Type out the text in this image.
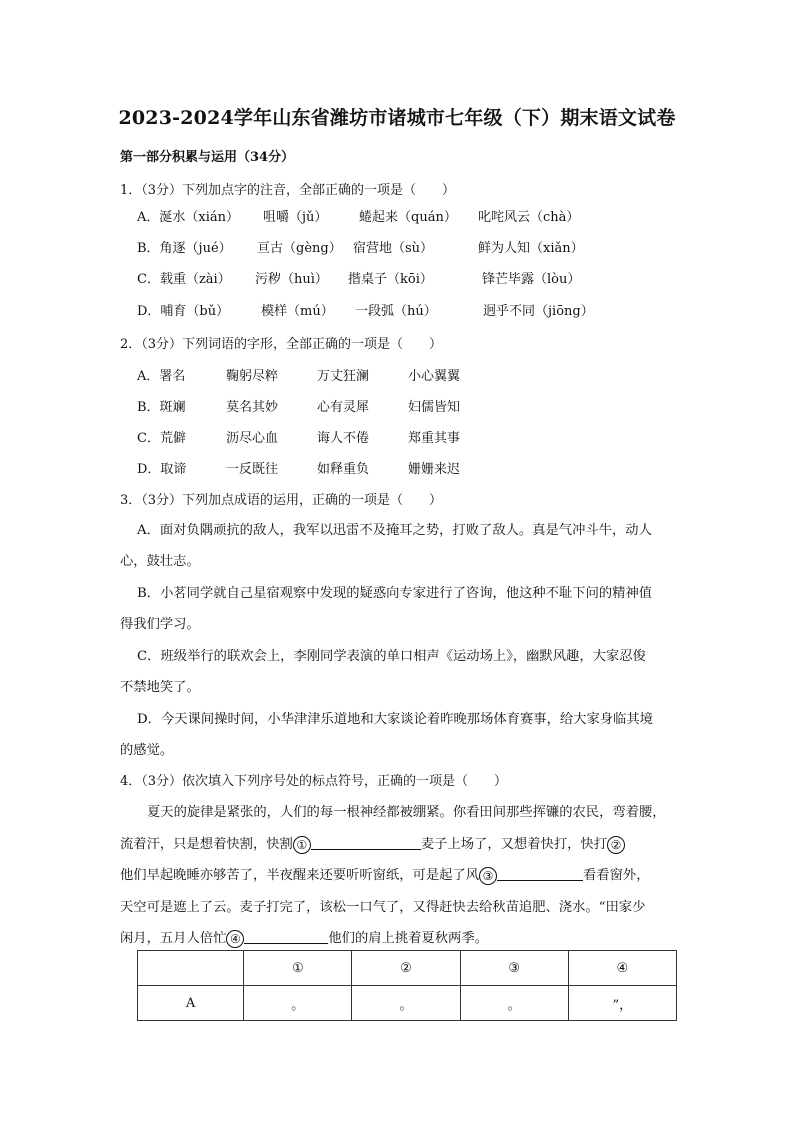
2023-2024学年山东省潍坊市诸城市七年级（下）期末语文试卷
第一部分积累与运用（34分）
1．（3分）下列加点字的注音，全部正确的一项是（　　）
A．涎水（xián） 咀嚼（jǔ） 蜷起来（quán） 叱咤风云（chà）
B．角逐（jué） 亘古（gèng） 宿营地（sù）	鲜为人知（xiǎn）
C．载重（zài） 污秽（huì） 揩桌子（kōi）	锋芒毕露（lòu）
D．哺育（bǔ） 模样（mú） 一段弧（hú）	迥乎不同（jiōng）
2．（3分）下列词语的字形，全部正确的一项是（　　）
A．署名	鞠躬尽粹	万丈狂澜	小心翼翼
B．斑斓	莫名其妙	心有灵犀	妇儒皆知
C．荒僻	沥尽心血	诲人不倦	郑重其事
D．取谛	一反既往	如释重负	姗姗来迟
3．（3分）下列加点成语的运用，正确的一项是（　　）
A．面对负隅顽抗的敌人，我军以迅雷不及掩耳之势，打败了敌人。真是气冲斗牛，动人
心，鼓壮志。
B．小茗同学就自己星宿观察中发现的疑惑向专家进行了咨询，他这种不耻下问的精神值
得我们学习。
C．班级举行的联欢会上，李刚同学表演的单口相声《运动场上》，幽默风趣，大家忍俊
不禁地笑了。
D．今天课间操时间，小华津津乐道地和大家谈论着昨晚那场体育赛事，给大家身临其境
的感觉。
4．（3分）依次填入下列序号处的标点符号，正确的一项是（　　）
夏天的旋律是紧张的，人们的每一根神经都被绷紧。你看田间那些挥镰的农民，弯着腰，
流着汗，只是想着快割，快割 ①	麦子上场了，又想着快打，快打 ②
他们早起晚睡亦够苦了，半夜醒来还要听听窗纸，可是起了风 ③	看看窗外，
天空可是遮上了云。麦子打完了，该松一口气了，又得赶快去给秋苗追肥、浇水。“田家少
闲月，五月人倍忙 ④	他们的肩上挑着夏秋两季。
	①	②	③	④
A	。	。	。	”，
